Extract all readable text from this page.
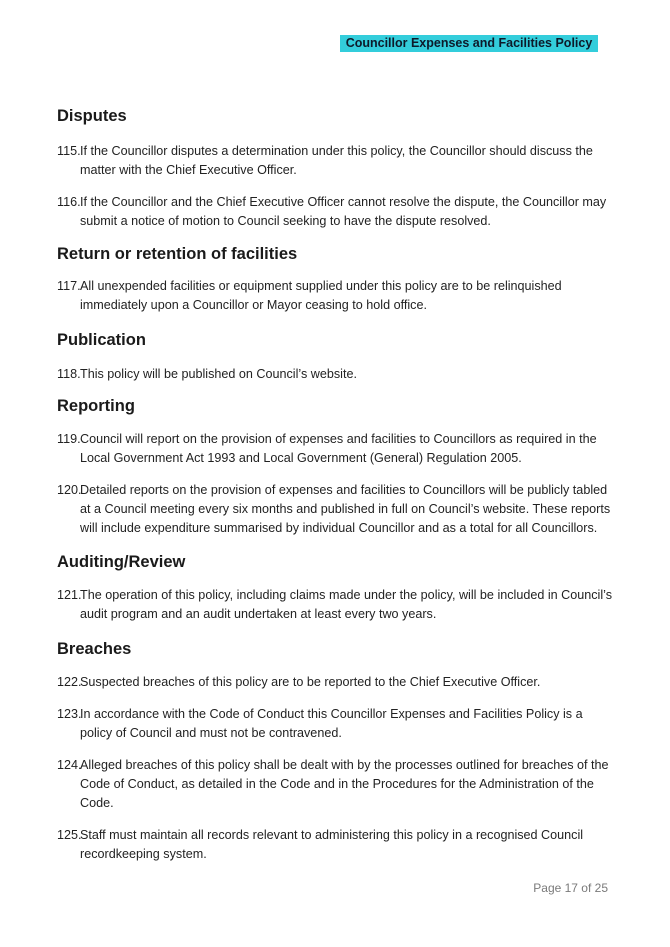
Councillor Expenses and Facilities Policy
Disputes
115. If the Councillor disputes a determination under this policy, the Councillor should discuss the matter with the Chief Executive Officer.
116. If the Councillor and the Chief Executive Officer cannot resolve the dispute, the Councillor may submit a notice of motion to Council seeking to have the dispute resolved.
Return or retention of facilities
117. All unexpended facilities or equipment supplied under this policy are to be relinquished immediately upon a Councillor or Mayor ceasing to hold office.
Publication
118. This policy will be published on Council’s website.
Reporting
119. Council will report on the provision of expenses and facilities to Councillors as required in the Local Government Act 1993 and Local Government (General) Regulation 2005.
120.
Detailed reports on the provision of expenses and facilities to Councillors will be publicly tabled at a Council meeting every six months and published in full on Council’s website. These reports will include expenditure summarised by individual Councillor and as a total for all Councillors.
Auditing/Review
121.
The operation of this policy, including claims made under the policy, will be included in Council’s audit program and an audit undertaken at least every two years.
Breaches
122.
Suspected breaches of this policy are to be reported to the Chief Executive Officer.
123.
In accordance with the Code of Conduct this Councillor Expenses and Facilities Policy is a policy of Council and must not be contravened.
124.
Alleged breaches of this policy shall be dealt with by the processes outlined for breaches of the Code of Conduct, as detailed in the Code and in the Procedures for the Administration of the Code.
125.
Staff must maintain all records relevant to administering this policy in a recognised Council recordkeeping system.
Page 17 of 25
